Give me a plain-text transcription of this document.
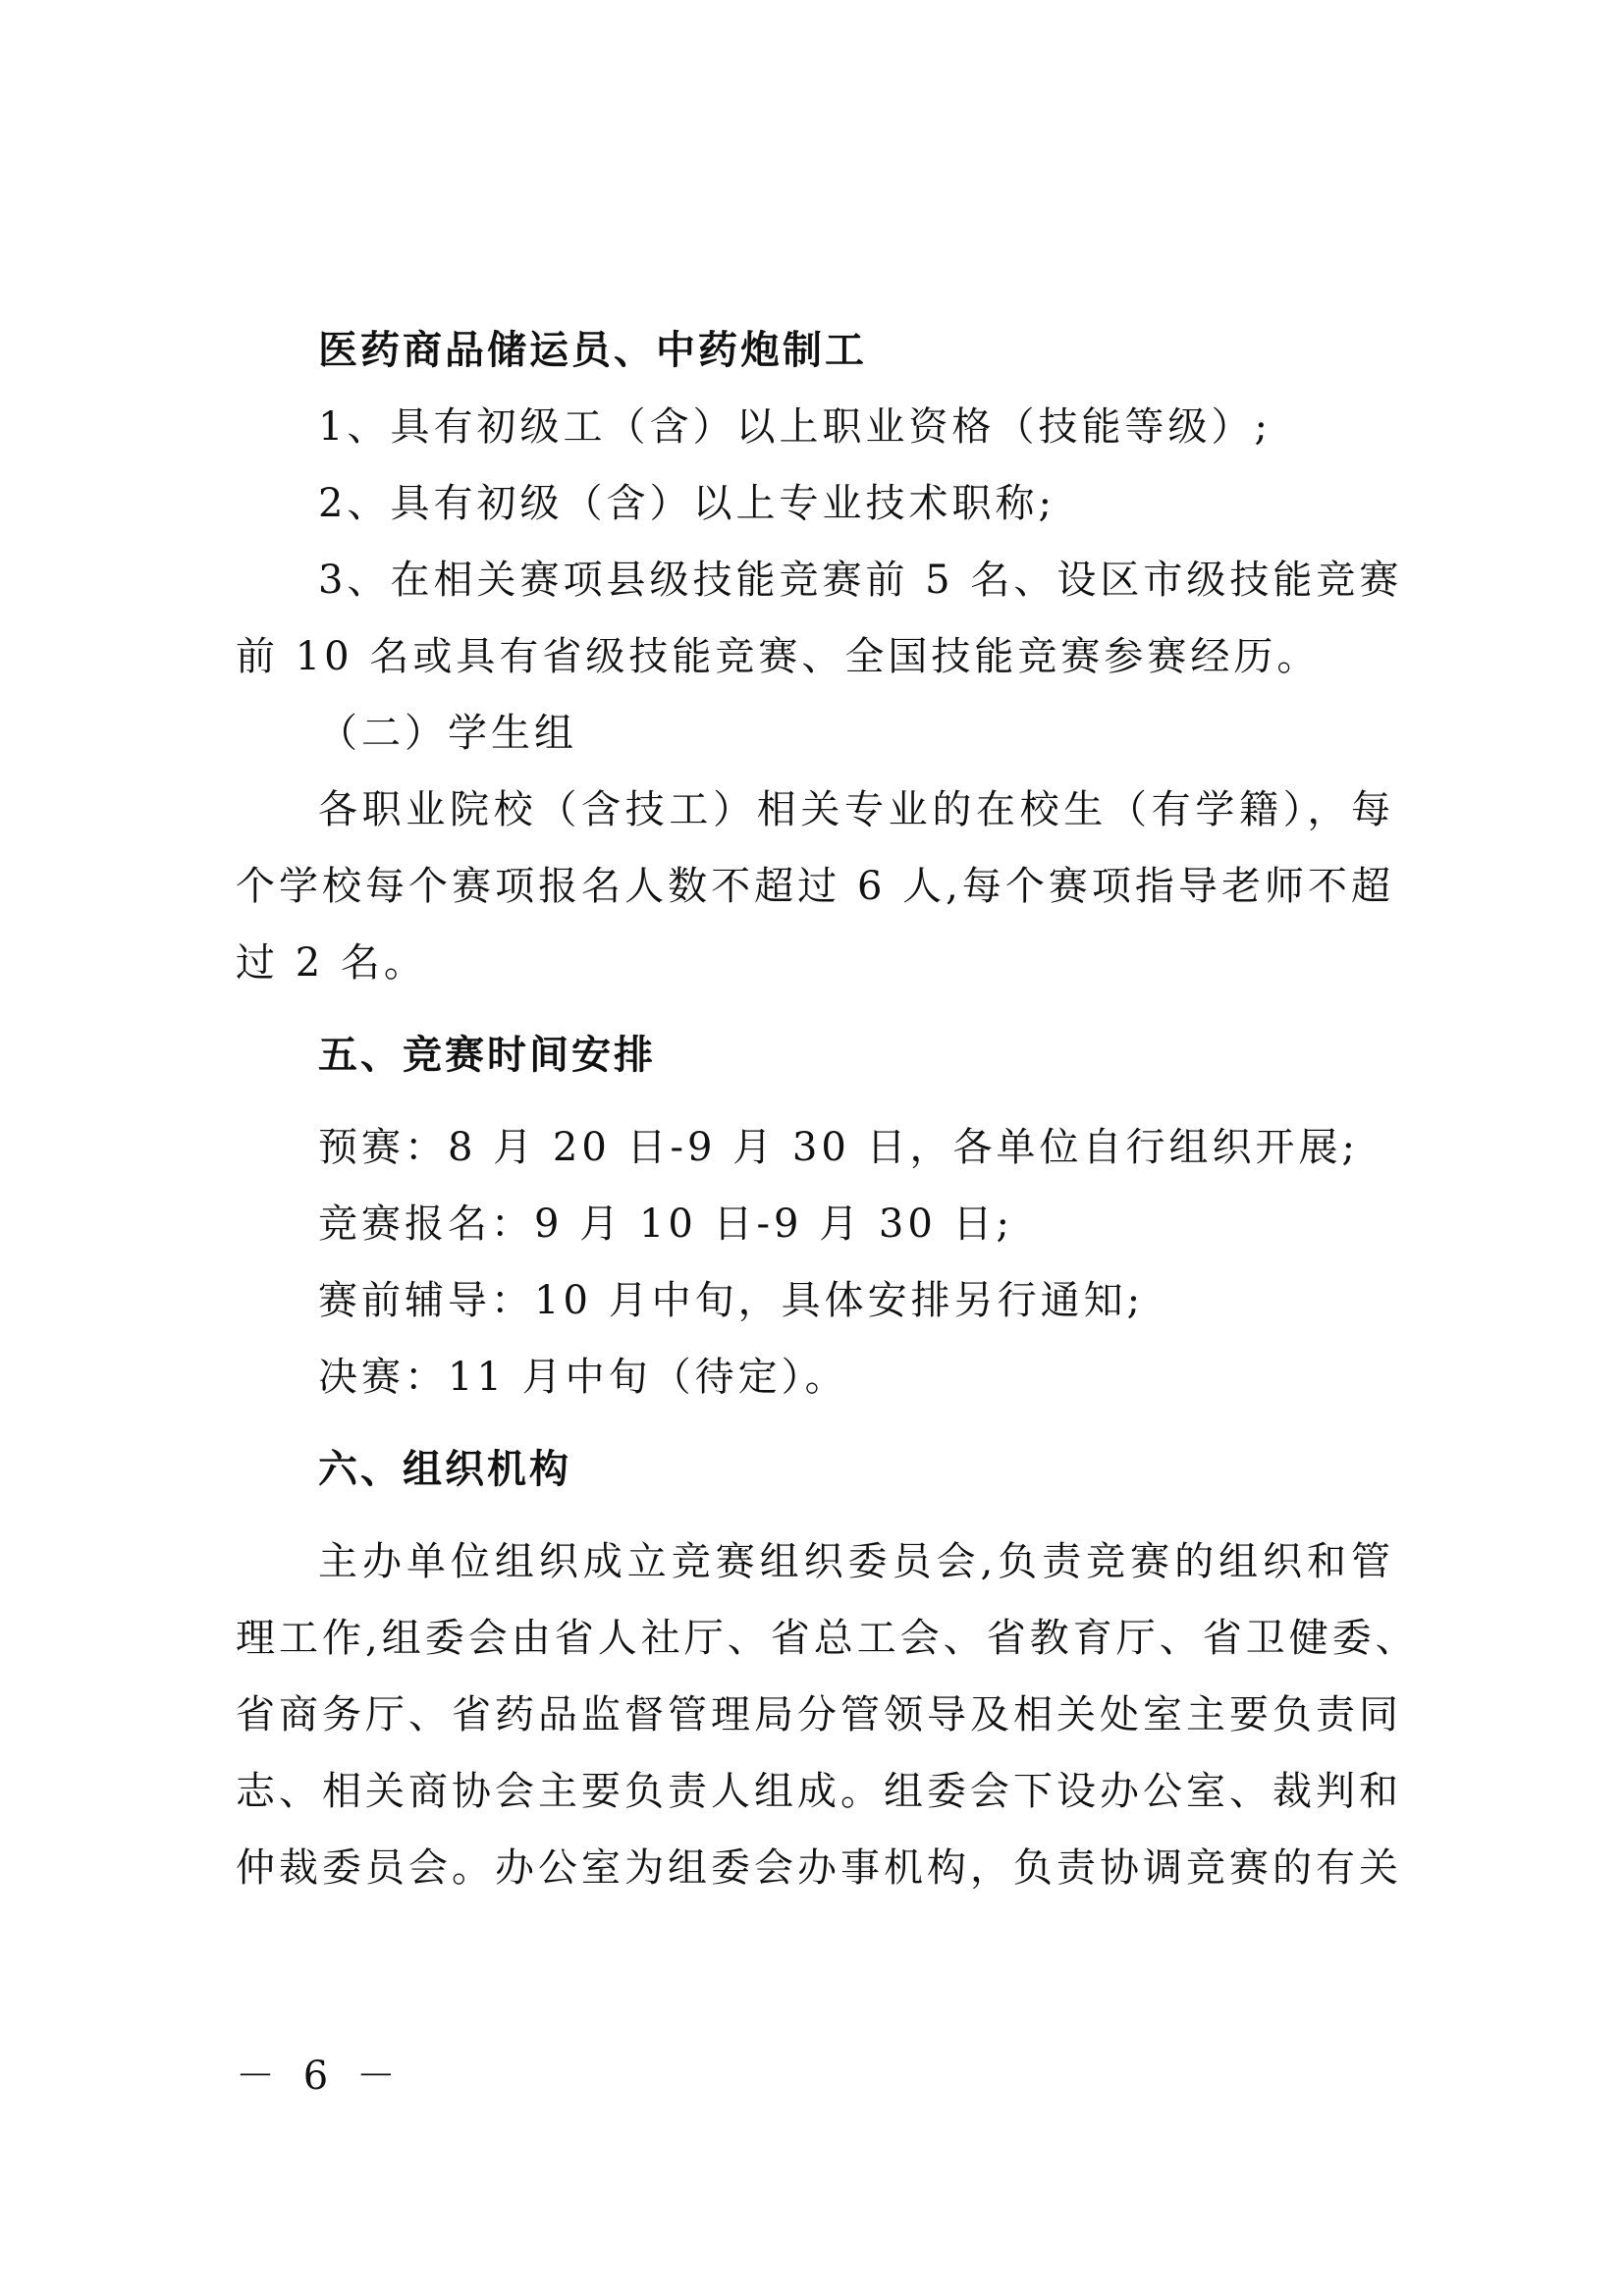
医药商品储运员、中药炮制工
1、具有初级工（含）以上职业资格（技能等级）;
2、具有初级（含）以上专业技术职称;
3、在相关赛项县级技能竞赛前 5 名、设区市级技能竞赛
前 10 名或具有省级技能竞赛、全国技能竞赛参赛经历。
（二）学生组
各职业院校（含技工）相关专业的在校生（有学籍），每
个学校每个赛项报名人数不超过 6 人,每个赛项指导老师不超
过 2 名。
五、竞赛时间安排
预赛：8 月 20 日-9 月 30 日，各单位自行组织开展;
竞赛报名：9 月 10 日-9 月 30 日;
赛前辅导：10 月中旬，具体安排另行通知;
决赛：11 月中旬（待定）。
六、组织机构
主办单位组织成立竞赛组织委员会,负责竞赛的组织和管
理工作,组委会由省人社厅、省总工会、省教育厅、省卫健委、
省商务厅、省药品监督管理局分管领导及相关处室主要负责同
志、相关商协会主要负责人组成。组委会下设办公室、裁判和
仲裁委员会。办公室为组委会办事机构，负责协调竞赛的有关
－ 6 －
